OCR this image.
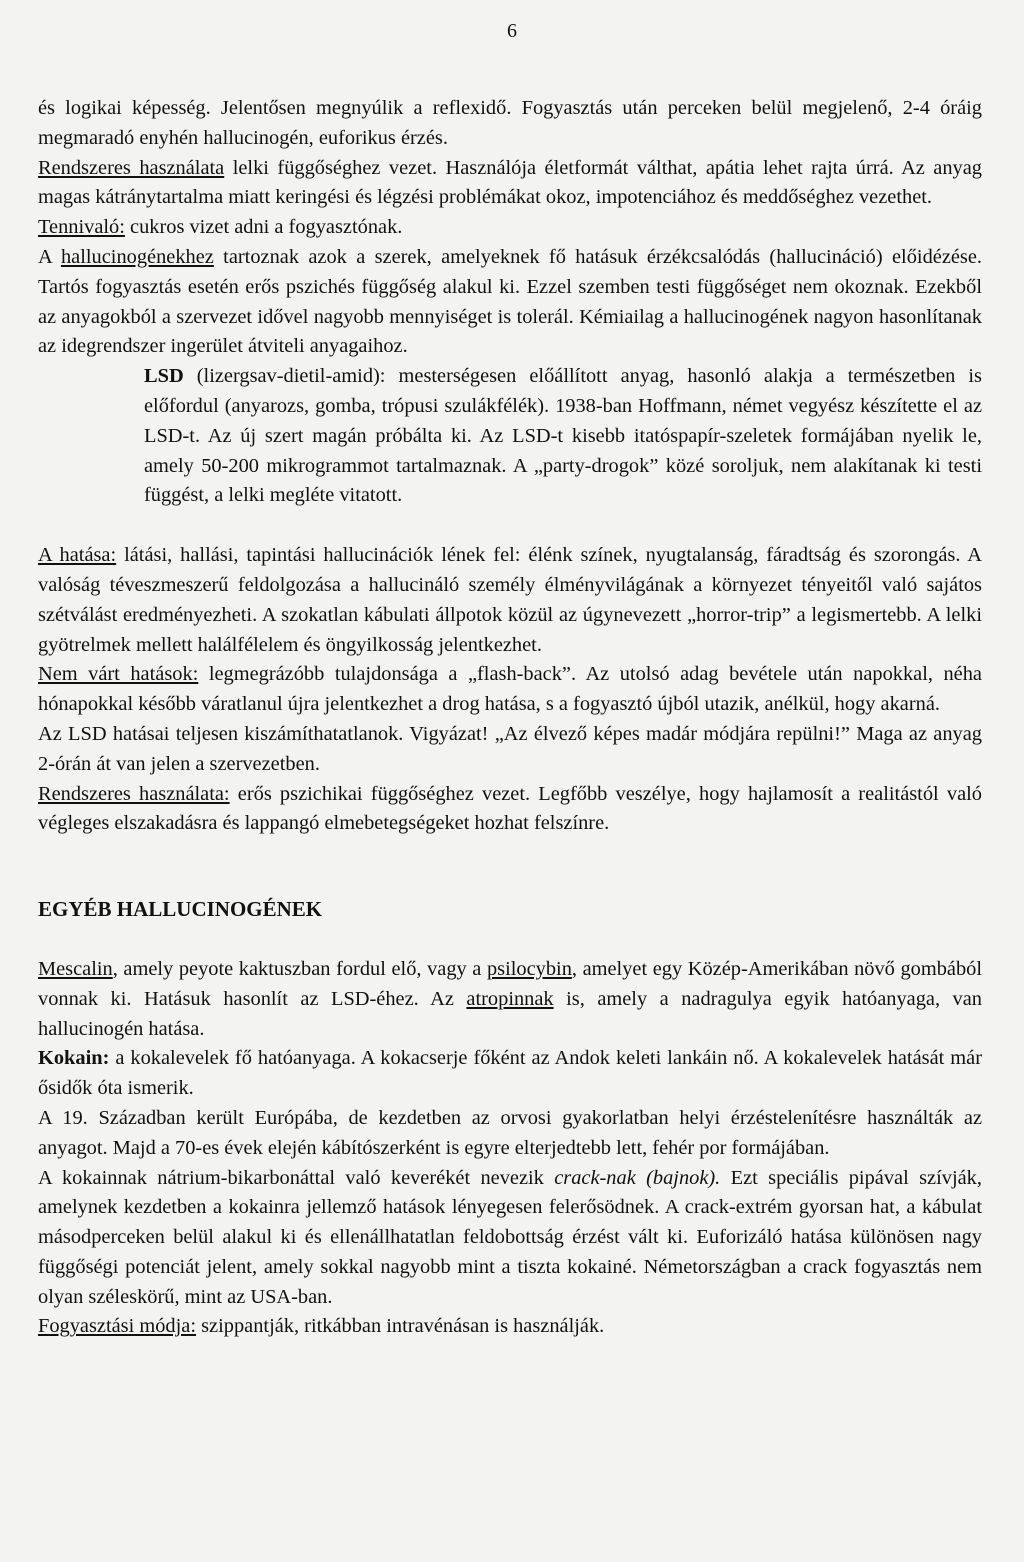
6

és logikai képesség. Jelentősen megnyúlik a reflexidő. Fogyasztás után perceken belül megjelenő, 2-4 óráig megmaradó enyhén hallucinogén, euforikus érzés.

Rendszeres használata lelki függőséghez vezet. Használója életformát válthat, apátia lehet rajta úrrá. Az anyag magas kátránytartalma miatt keringési és légzési problémákat okoz, impotenciához és meddőséghez vezethet.

Tennivaló: cukros vizet adni a fogyasztónak.

A hallucinogénekhez tartoznak azok a szerek, amelyeknek fő hatásuk érzékcsalódás (hallucináció) előidézése. Tartós fogyasztás esetén erős pszichés függőség alakul ki. Ezzel szemben testi függőséget nem okoznak. Ezekből az anyagokból a szervezet idővel nagyobb mennyiséget is tolerál. Kémiailag a hallucinogének nagyon hasonlítanak az idegrendszer ingerület átviteli anyagaihoz.

LSD (lizergsav-dietil-amid): mesterségesen előállított anyag, hasonló alakja a természetben is előfordul (anyarozs, gomba, trópusi szulákfélék). 1938-ban Hoffmann, német vegyész készítette el az LSD-t. Az új szert magán próbálta ki. Az LSD-t kisebb itatóspapír-szeletek formájában nyelik le, amely 50-200 mikrogrammot tartalmaznak. A „party-drogok” közé soroljuk, nem alakítanak ki testi függést, a lelki megléte vitatott.

A hatása: látási, hallási, tapintási hallucinációk lének fel: élénk színek, nyugtalanság, fáradtság és szorongás. A valóság téveszmeszerű feldolgozása a hallucináló személy élményvilágának a környezet tényeitől való sajátos szétválást eredményezheti. A szokatlan kábulati állpotok közül az úgynevezett „horror-trip” a legismertebb. A lelki gyötrelmek mellett halálfélelem és öngyilkosság jelentkezhet.

Nem várt hatások: legmegrázóbb tulajdonsága a „flash-back”. Az utolsó adag bevétele után napokkal, néha hónapokkal később váratlanul újra jelentkezhet a drog hatása, s a fogyasztó újból utazik, anélkül, hogy akarná.

Az LSD hatásai teljesen kiszámíthatatlanok. Vigyázat! „Az élvező képes madár módjára repülni!” Maga az anyag 2-órán át van jelen a szervezetben.

Rendszeres használata: erős pszichikai függőséghez vezet. Legfőbb veszélye, hogy hajlamosít a realitástól való végleges elszakadásra és lappangó elmebetegségeket hozhat felszínre.

EGYÉB HALLUCINOGÉNEK

Mescalin, amely peyote kaktuszban fordul elő, vagy a psilocybin, amelyet egy Közép-Amerikában növő gombából vonnak ki. Hatásuk hasonlít az LSD-éhez. Az atropinnak is, amely a nadragulya egyik hatóanyaga, van hallucinogén hatása.

Kokain: a kokalevelek fő hatóanyaga. A kokacserje főként az Andok keleti lankáin nő. A kokalevelek hatását már ősidők óta ismerik.

A 19. Században került Európába, de kezdetben az orvosi gyakorlatban helyi érzéstelenítésre használták az anyagot. Majd a 70-es évek elején kábítószerként is egyre elterjedtebb lett, fehér por formájában.

A kokainnak nátrium-bikarbonáttal való keverékét nevezik crack-nak (bajnok). Ezt speciális pipával szívják, amelynek kezdetben a kokainra jellemző hatások lényegesen felerősödnek. A crack-extrém gyorsan hat, a kábulat másodperceken belül alakul ki és ellenállhatatlan feldobottság érzést vált ki. Euforizáló hatása különösen nagy függőségi potenciát jelent, amely sokkal nagyobb mint a tiszta kokainé. Németországban a crack fogyasztás nem olyan széleskörű, mint az USA-ban.

Fogyasztási módja: szippantják, ritkábban intravénásan is használják.
